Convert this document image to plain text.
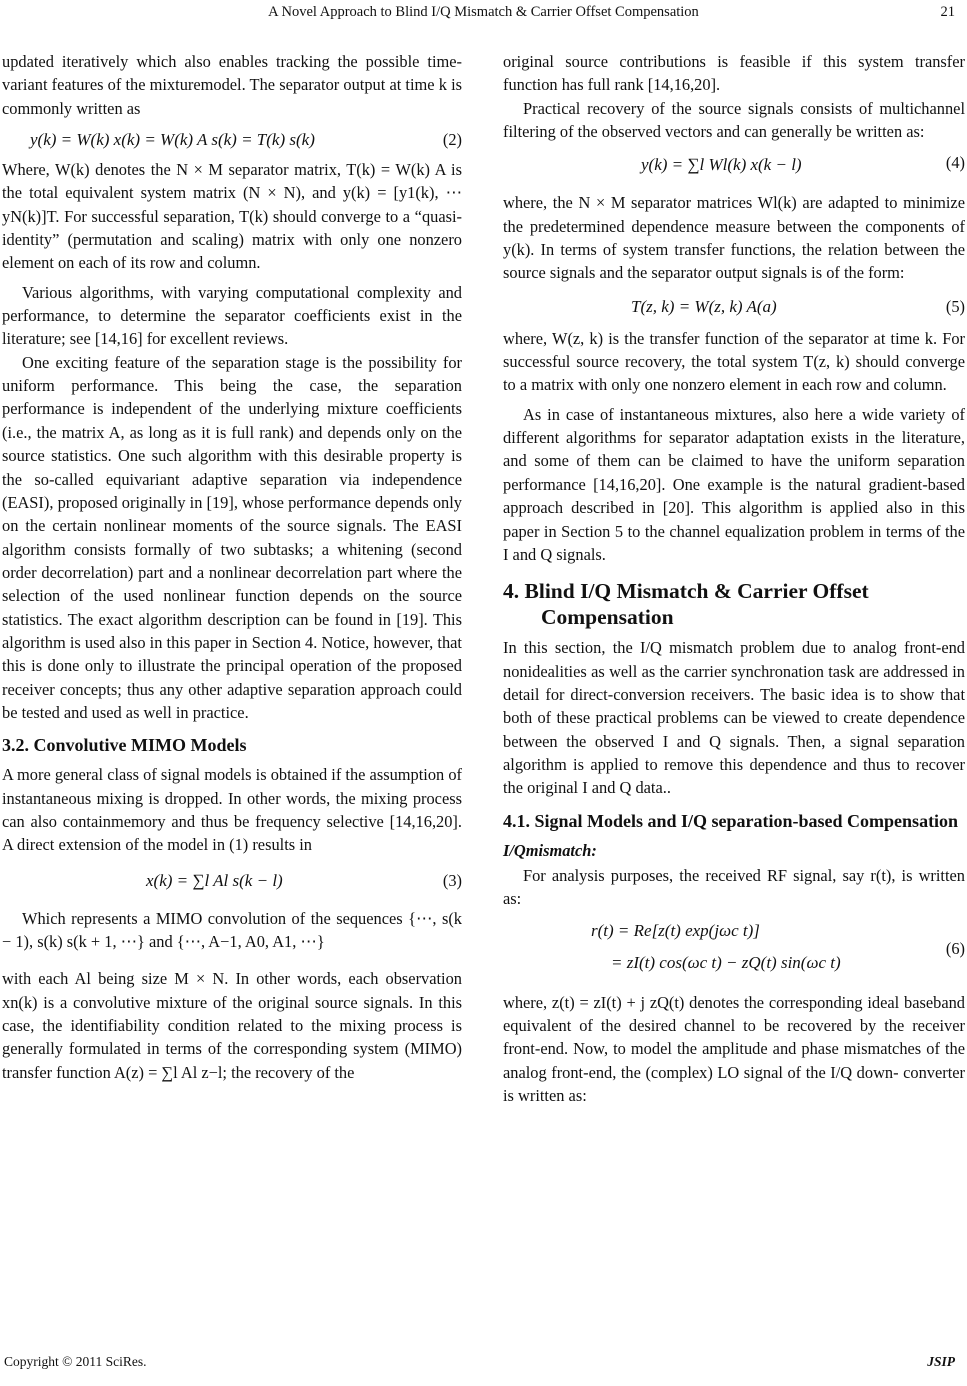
A Novel Approach to Blind I/Q Mismatch & Carrier Offset Compensation	21

updated iteratively which also enables tracking the possible time-variant features of the mixturemodel. The separator output at time k is commonly written as

y(k) = W(k) x(k) = W(k) A s(k) = T(k) s(k)	(2)

Where, W(k) denotes the N × M separator matrix, T(k) = W(k) A is the total equivalent system matrix (N × N), and y(k) = [y1(k), ⋯ yN(k)]T. For successful separation, T(k) should converge to a “quasi-identity” (permutation and scaling) matrix with only one nonzero element on each of its row and column.

Various algorithms, with varying computational complexity and performance, to determine the separator coefficients exist in the literature; see [14,16] for excellent reviews.

One exciting feature of the separation stage is the possibility for uniform performance. This being the case, the separation performance is independent of the underlying mixture coefficients (i.e., the matrix A, as long as it is full rank) and depends only on the source statistics. One such algorithm with this desirable property is the so-called equivariant adaptive separation via independence (EASI), proposed originally in [19], whose performance depends only on the certain nonlinear moments of the source signals. The EASI algorithm consists formally of two subtasks; a whitening (second order decorrelation) part and a nonlinear decorrelation part where the selection of the used nonlinear function depends on the source statistics. The exact algorithm description can be found in [19]. This algorithm is used also in this paper in Section 4. Notice, however, that this is done only to illustrate the principal operation of the proposed receiver concepts; thus any other adaptive separation approach could be tested and used as well in practice.

3.2. Convolutive MIMO Models

A more general class of signal models is obtained if the assumption of instantaneous mixing is dropped. In other words, the mixing process can also containmemory and thus be frequency selective [14,16,20]. A direct extension of the model in (1) results in

x(k) = ∑l Al s(k − l)	(3)

Which represents a MIMO convolution of the sequences {⋯, s(k − 1), s(k) s(k + 1, ⋯} and {⋯, A−1, A0, A1, ⋯}

with each Al being size M × N. In other words, each observation xn(k) is a convolutive mixture of the original source signals. In this case, the identifiability condition related to the mixing process is generally formulated in terms of the corresponding system (MIMO) transfer function A(z) = ∑l Al z−l; the recovery of the

original source contributions is feasible if this system transfer function has full rank [14,16,20].

Practical recovery of the source signals consists of multichannel filtering of the observed vectors and can generally be written as:

y(k) = ∑l Wl(k) x(k − l)	(4)

where, the N × M separator matrices Wl(k) are adapted to minimize the predetermined dependence measure between the components of y(k). In terms of system transfer functions, the relation between the source signals and the separator output signals is of the form:

T(z, k) = W(z, k) A(a)	(5)

where, W(z, k) is the transfer function of the separator at time k. For successful source recovery, the total system T(z, k) should converge to a matrix with only one nonzero element in each row and column.

As in case of instantaneous mixtures, also here a wide variety of different algorithms for separator adaptation exists in the literature, and some of them can be claimed to have the uniform separation performance [14,16,20]. One example is the natural gradient-based approach described in [20]. This algorithm is applied also in this paper in Section 5 to the channel equalization problem in terms of the I and Q signals.

4. Blind I/Q Mismatch & Carrier Offset Compensation

In this section, the I/Q mismatch problem due to analog front-end nonidealities as well as the carrier synchronation task are addressed in detail for direct-conversion receivers. The basic idea is to show that both of these practical problems can be viewed to create dependence between the observed I and Q signals. Then, a signal separation algorithm is applied to remove this dependence and thus to recover the original I and Q data..

4.1. Signal Models and I/Q separation-based Compensation
I/Qmismatch:

For analysis purposes, the received RF signal, say r(t), is written as:

r(t) = Re[z(t) exp(jωc t)]
= zI(t) cos(ωc t) − zQ(t) sin(ωc t)
(6)

where, z(t) = zI(t) + j zQ(t) denotes the corresponding ideal baseband equivalent of the desired channel to be recovered by the receiver front-end. Now, to model the amplitude and phase mismatches of the analog front-end, the (complex) LO signal of the I/Q down- converter is written as:

Copyright © 2011 SciRes.	JSIP
